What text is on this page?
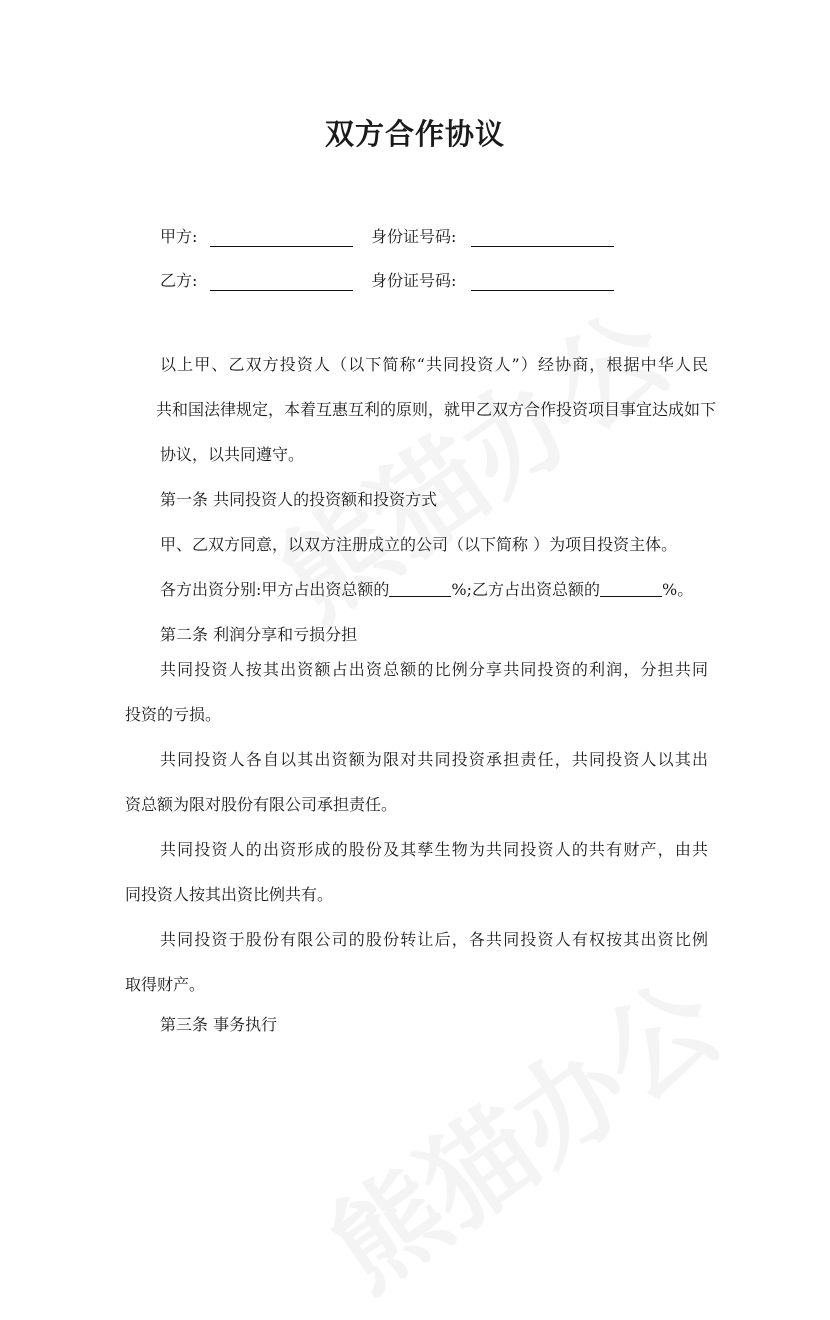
双方合作协议
甲方:	身份证号码:
乙方:	身份证号码:
以上甲、乙双方投资人（以下简称“共同投资人”）经协商，根据中华人民
共和国法律规定，本着互惠互利的原则，就甲乙双方合作投资项目事宜达成如下
协议，以共同遵守。
第一条 共同投资人的投资额和投资方式
甲、乙双方同意，以双方注册成立的公司（以下简称 ）为项目投资主体。
各方出资分别:甲方占出资总额的	%;乙方占出资总额的	%。
第二条 利润分享和亏损分担
共同投资人按其出资额占出资总额的比例分享共同投资的利润，分担共同
投资的亏损。
共同投资人各自以其出资额为限对共同投资承担责任，共同投资人以其出
资总额为限对股份有限公司承担责任。
共同投资人的出资形成的股份及其孳生物为共同投资人的共有财产，由共
同投资人按其出资比例共有。
共同投资于股份有限公司的股份转让后，各共同投资人有权按其出资比例
取得财产。
第三条 事务执行
